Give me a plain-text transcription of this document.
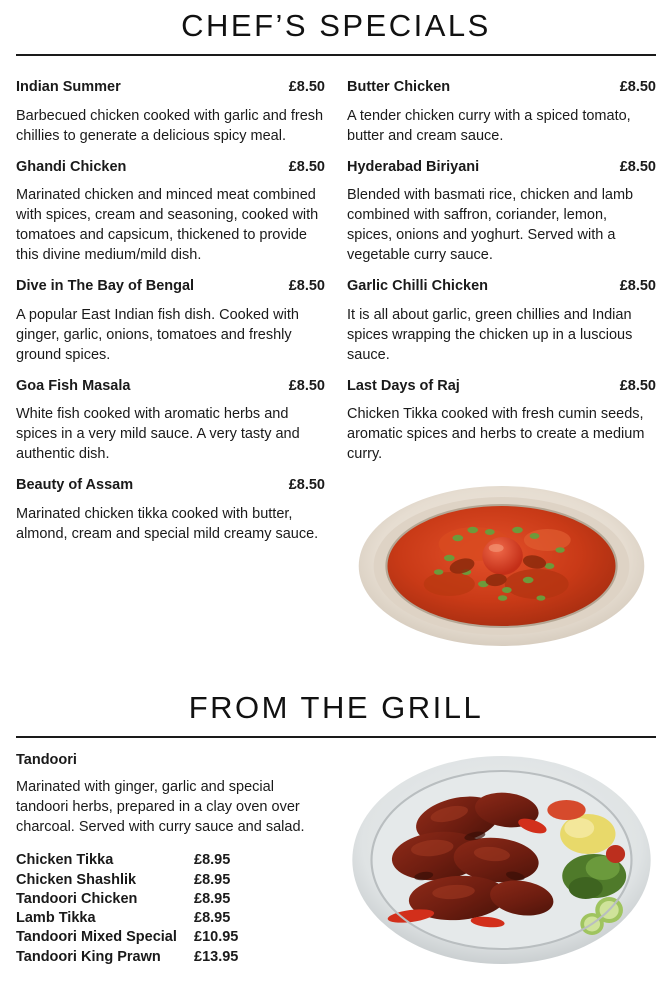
CHEF’S SPECIALS
Indian Summer	£8.50
Barbecued chicken cooked with garlic and fresh chillies to generate a delicious spicy meal.
Ghandi Chicken	£8.50
Marinated chicken and minced meat combined with spices, cream and seasoning, cooked with tomatoes and capsicum, thickened to provide this divine medium/mild dish.
Dive in The Bay of Bengal	£8.50
A popular East Indian fish dish. Cooked with ginger, garlic, onions, tomatoes and freshly ground spices.
Goa Fish Masala	£8.50
White fish cooked with aromatic herbs and spices in a very mild sauce. A very tasty and authentic dish.
Beauty of Assam	£8.50
Marinated chicken tikka cooked with butter, almond, cream and special mild creamy sauce.
Butter Chicken	£8.50
A tender chicken curry with a spiced tomato, butter and cream sauce.
Hyderabad Biriyani	£8.50
Blended with basmati rice, chicken and lamb combined with saffron, coriander, lemon, spices, onions and yoghurt. Served with a vegetable curry sauce.
Garlic Chilli Chicken	£8.50
It is all about garlic, green chillies and Indian spices wrapping the chicken up in a luscious sauce.
Last Days of Raj	£8.50
Chicken Tikka cooked with fresh cumin seeds, aromatic spices and herbs to create a medium curry.
FROM THE GRILL
Tandoori
Marinated with ginger, garlic and special tandoori herbs, prepared in a clay oven over charcoal. Served with curry sauce and salad.
Chicken Tikka	£8.95
Chicken Shashlik	£8.95
Tandoori Chicken	£8.95
Lamb Tikka	£8.95
Tandoori Mixed Special	£10.95
Tandoori King Prawn	£13.95
